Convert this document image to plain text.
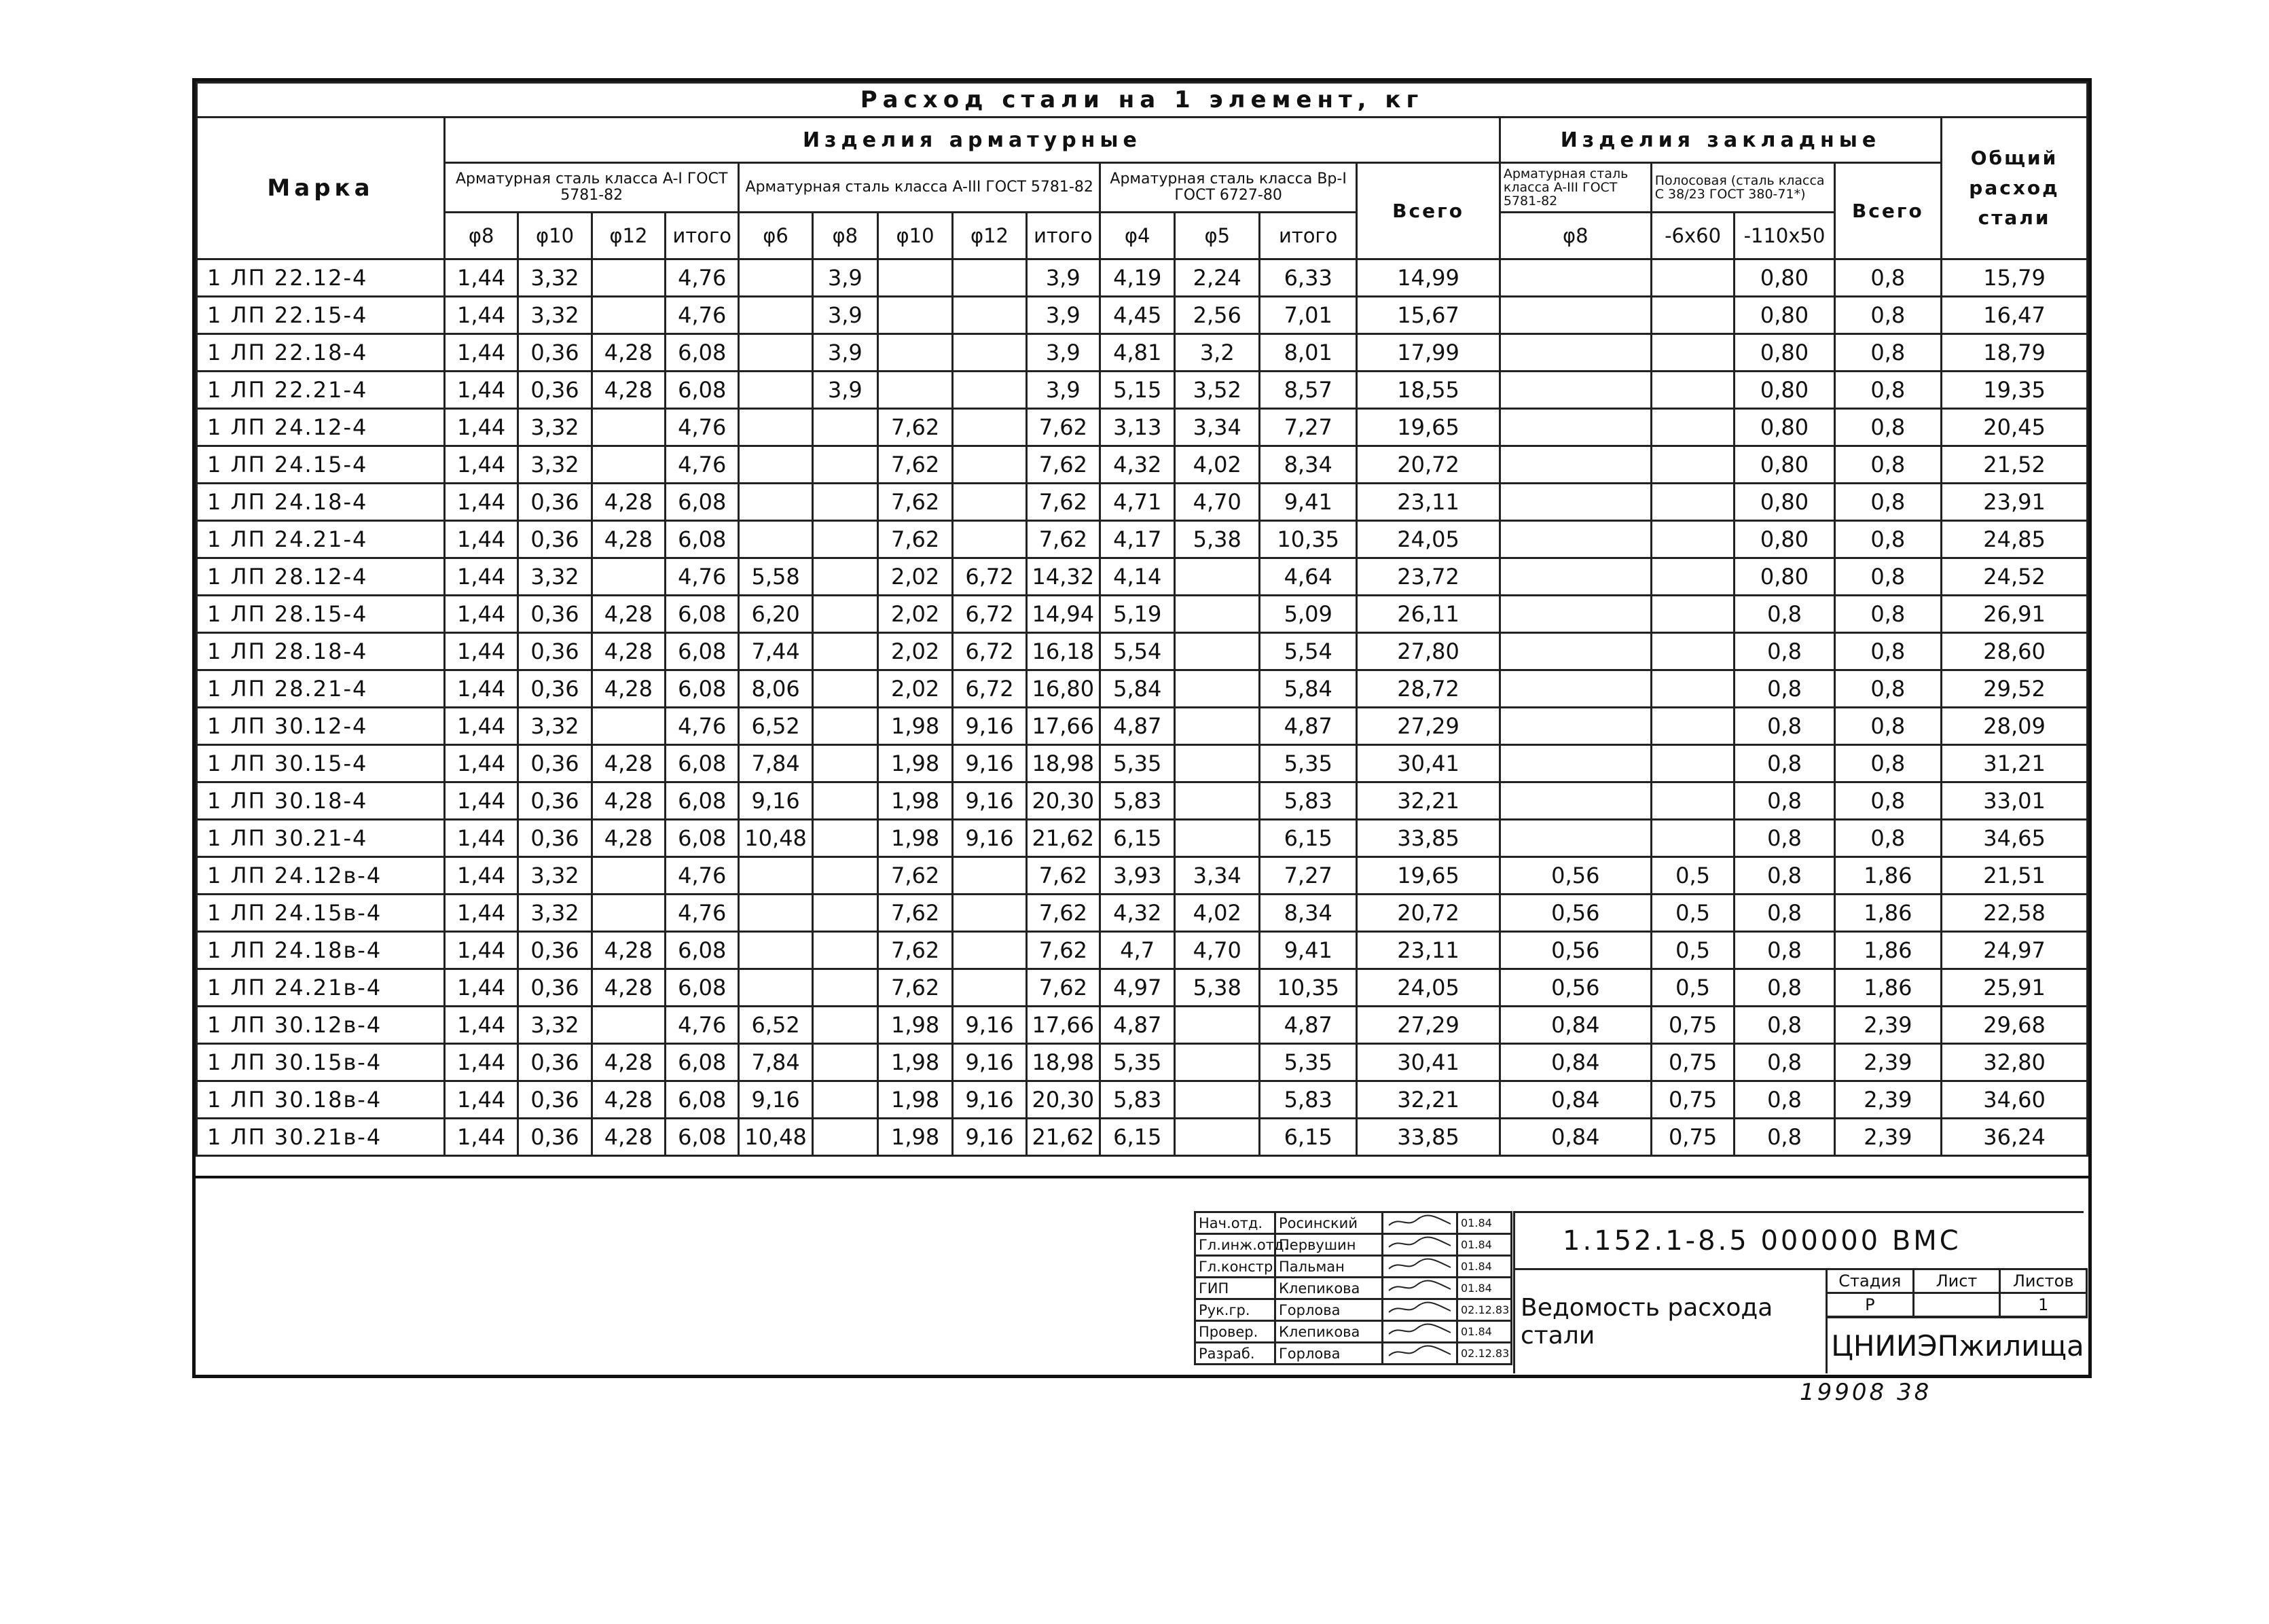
Расход стали на 1 элемент, кг																		
Марка	Изделия арматурные													Изделия закладные				Общий расход стали
	Арматурная сталь класса A-I ГОСТ 5781-82				Арматурная сталь класса A-III ГОСТ 5781-82					Арматурная сталь класса Bр-I ГОСТ 6727-80			Всего	Арматурная сталь класса A-III ГОСТ 5781-82	Полосовая (сталь класса С 38/23 ГОСТ 380-71*)		Всего	
	φ8	φ10	φ12	итого	φ6	φ8	φ10	φ12	итого	φ4	φ5	итого		φ8	-6x60	-110x50		
1 ЛП 22.12-4	1,44	3,32		4,76		3,9			3,9	4,19	2,24	6,33	14,99			0,80	0,8	15,79
1 ЛП 22.15-4	1,44	3,32		4,76		3,9			3,9	4,45	2,56	7,01	15,67			0,80	0,8	16,47
1 ЛП 22.18-4	1,44	0,36	4,28	6,08		3,9			3,9	4,81	3,2	8,01	17,99			0,80	0,8	18,79
1 ЛП 22.21-4	1,44	0,36	4,28	6,08		3,9			3,9	5,15	3,52	8,57	18,55			0,80	0,8	19,35
1 ЛП 24.12-4	1,44	3,32		4,76			7,62		7,62	3,13	3,34	7,27	19,65			0,80	0,8	20,45
1 ЛП 24.15-4	1,44	3,32		4,76			7,62		7,62	4,32	4,02	8,34	20,72			0,80	0,8	21,52
1 ЛП 24.18-4	1,44	0,36	4,28	6,08			7,62		7,62	4,71	4,70	9,41	23,11			0,80	0,8	23,91
1 ЛП 24.21-4	1,44	0,36	4,28	6,08			7,62		7,62	4,17	5,38	10,35	24,05			0,80	0,8	24,85
1 ЛП 28.12-4	1,44	3,32		4,76	5,58		2,02	6,72	14,32	4,14		4,64	23,72			0,80	0,8	24,52
1 ЛП 28.15-4	1,44	0,36	4,28	6,08	6,20		2,02	6,72	14,94	5,19		5,09	26,11			0,8	0,8	26,91
1 ЛП 28.18-4	1,44	0,36	4,28	6,08	7,44		2,02	6,72	16,18	5,54		5,54	27,80			0,8	0,8	28,60
1 ЛП 28.21-4	1,44	0,36	4,28	6,08	8,06		2,02	6,72	16,80	5,84		5,84	28,72			0,8	0,8	29,52
1 ЛП 30.12-4	1,44	3,32		4,76	6,52		1,98	9,16	17,66	4,87		4,87	27,29			0,8	0,8	28,09
1 ЛП 30.15-4	1,44	0,36	4,28	6,08	7,84		1,98	9,16	18,98	5,35		5,35	30,41			0,8	0,8	31,21
1 ЛП 30.18-4	1,44	0,36	4,28	6,08	9,16		1,98	9,16	20,30	5,83		5,83	32,21			0,8	0,8	33,01
1 ЛП 30.21-4	1,44	0,36	4,28	6,08	10,48		1,98	9,16	21,62	6,15		6,15	33,85			0,8	0,8	34,65
1 ЛП 24.12в-4	1,44	3,32		4,76			7,62		7,62	3,93	3,34	7,27	19,65	0,56	0,5	0,8	1,86	21,51
1 ЛП 24.15в-4	1,44	3,32		4,76			7,62		7,62	4,32	4,02	8,34	20,72	0,56	0,5	0,8	1,86	22,58
1 ЛП 24.18в-4	1,44	0,36	4,28	6,08			7,62		7,62	4,7	4,70	9,41	23,11	0,56	0,5	0,8	1,86	24,97
1 ЛП 24.21в-4	1,44	0,36	4,28	6,08			7,62		7,62	4,97	5,38	10,35	24,05	0,56	0,5	0,8	1,86	25,91
1 ЛП 30.12в-4	1,44	3,32		4,76	6,52		1,98	9,16	17,66	4,87		4,87	27,29	0,84	0,75	0,8	2,39	29,68
1 ЛП 30.15в-4	1,44	0,36	4,28	6,08	7,84		1,98	9,16	18,98	5,35		5,35	30,41	0,84	0,75	0,8	2,39	32,80
1 ЛП 30.18в-4	1,44	0,36	4,28	6,08	9,16		1,98	9,16	20,30	5,83		5,83	32,21	0,84	0,75	0,8	2,39	34,60
1 ЛП 30.21в-4	1,44	0,36	4,28	6,08	10,48		1,98	9,16	21,62	6,15		6,15	33,85	0,84	0,75	0,8	2,39	36,24
Нач.отд.	Росинский		01.84
Гл.инж.отд.	Первушин		01.84
Гл.констр.	Пальман		01.84
ГИП	Клепикова		01.84
Рук.гр.	Горлова		02.12.83
Провер.	Клепикова		01.84
Разраб.	Горлова		02.12.83
1.152.1-8.5 000000 ВМС
Ведомость расхода стали
Стадия	Лист	Листов
Р		1
ЦНИИЭПжилища
19908 38
